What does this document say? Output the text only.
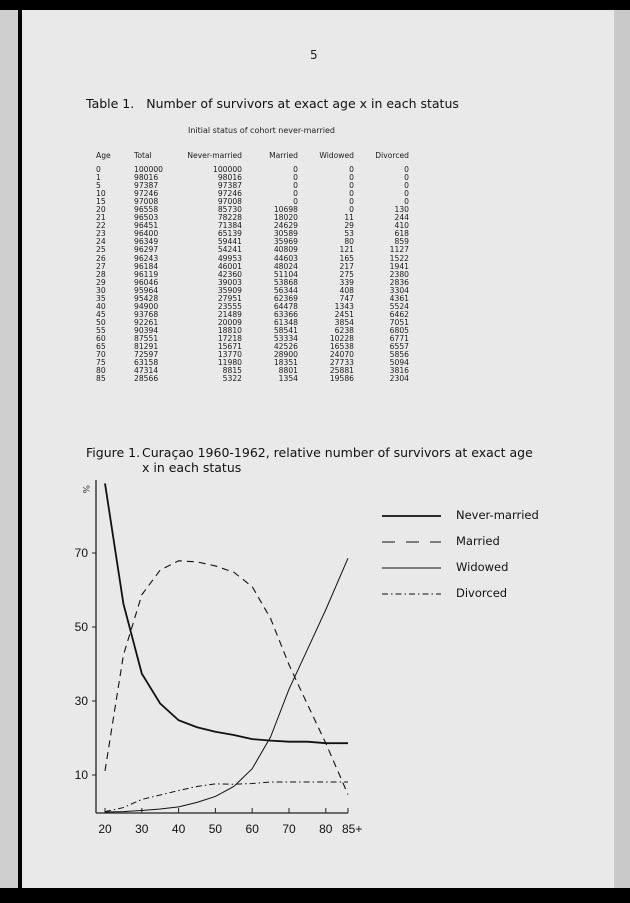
5
Table 1. Number of survivors at exact age x in each status
Initial status of cohort never-married
Age	Total	Never-married	Married	Widowed	Divorced
0	100000	100000	0	0	0
1	98016	98016	0	0	0
5	97387	97387	0	0	0
10	97246	97246	0	0	0
15	97008	97008	0	0	0
20	96558	85730	10698	0	130
21	96503	78228	18020	11	244
22	96451	71384	24629	29	410
23	96400	65139	30589	53	618
24	96349	59441	35969	80	859
25	96297	54241	40809	121	1127
26	96243	49953	44603	165	1522
27	96184	46001	48024	217	1941
28	96119	42360	51104	275	2380
29	96046	39003	53868	339	2836
30	95964	35909	56344	408	3304
35	95428	27951	62369	747	4361
40	94900	23555	64478	1343	5524
45	93768	21489	63366	2451	6462
50	92261	20009	61348	3854	7051
55	90394	18810	58541	6238	6805
60	87551	17218	53334	10228	6771
65	81291	15671	42526	16538	6557
70	72597	13770	28900	24070	5856
75	63158	11980	18351	27733	5094
80	47314	8815	8801	25881	3816
85	28566	5322	1354	19586	2304
Figure 1. Curaçao 1960-1962, relative number of survivors at exact age x in each status
%
10
30
50
70
20 30 40 50 60 70 80 85+
Never-married
Married
Widowed
Divorced
